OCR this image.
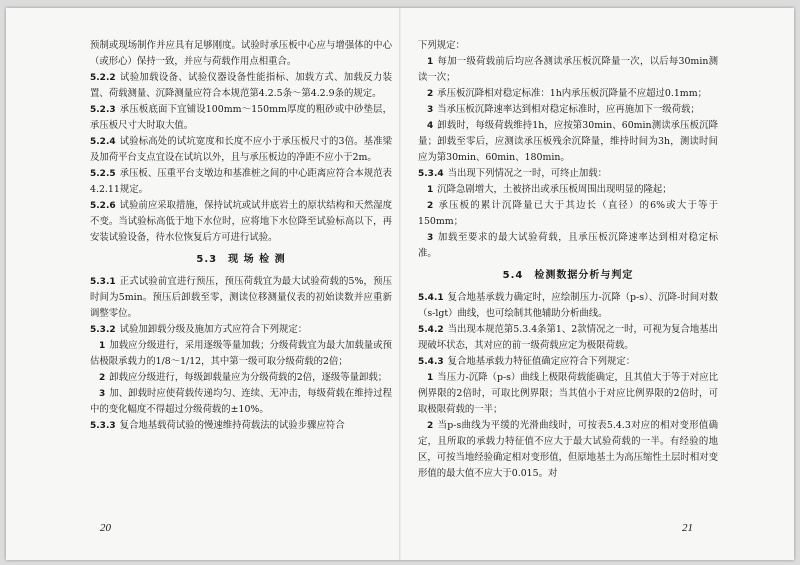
预制或现场制作并应具有足够刚度。试验时承压板中心应与增强体的中心（或形心）保持一致，并应与荷载作用点相重合。

5.2.2 试验加载设备、试验仪器设备性能指标、加载方式、加载反力装置、荷载测量、沉降测量应符合本规范第4.2.5条～第4.2.9条的规定。

5.2.3 承压板底面下宜铺设100mm～150mm厚度的粗砂或中砂垫层，承压板尺寸大时取大值。

5.2.4 试验标高处的试坑宽度和长度不应小于承压板尺寸的3倍。基准梁及加荷平台支点宜设在试坑以外，且与承压板边的净距不应小于2m。

5.2.5 承压板、压重平台支墩边和基准桩之间的中心距离应符合本规范表4.2.11规定。

5.2.6 试验前应采取措施，保持试坑或试井底岩土的原状结构和天然湿度不变。当试验标高低于地下水位时，应将地下水位降至试验标高以下，再安装试验设备，待水位恢复后方可进行试验。

5.3　现 场 检 测

5.3.1 正式试验前宜进行预压，预压荷载宜为最大试验荷载的5%，预压时间为5min。预压后卸载至零，测读位移测量仪表的初始读数并应重新调整零位。

5.3.2 试验加卸载分级及施加方式应符合下列规定：

1 加载应分级进行，采用逐级等量加载；分级荷载宜为最大加载量或预估极限承载力的1/8～1/12，其中第一级可取分级荷载的2倍；

2 卸载应分级进行，每级卸载量应为分级荷载的2倍，逐级等量卸载；

3 加、卸载时应使荷载传递均匀、连续、无冲击，每级荷载在维持过程中的变化幅度不得超过分级荷载的±10%。

5.3.3 复合地基载荷试验的慢速维持荷载法的试验步骤应符合

下列规定：

1 每加一级荷载前后均应各测读承压板沉降量一次，以后每30min测读一次；

2 承压板沉降相对稳定标准：1h内承压板沉降量不应超过0.1mm；

3 当承压板沉降速率达到相对稳定标准时，应再施加下一级荷载；

4 卸载时，每级荷载维持1h，应按第30min、60min测读承压板沉降量；卸载至零后，应测读承压板残余沉降量，维持时间为3h，测读时间应为第30min、60min、180min。

5.3.4 当出现下列情况之一时，可终止加载：

1 沉降急剧增大，土被挤出或承压板周围出现明显的隆起；

2 承压板的累计沉降量已大于其边长（直径）的6%或大于等于150mm；

3 加载至要求的最大试验荷载，且承压板沉降速率达到相对稳定标准。

5.4　检测数据分析与判定

5.4.1 复合地基承载力确定时，应绘制压力-沉降（p-s）、沉降-时间对数（s-lgt）曲线，也可绘制其他辅助分析曲线。

5.4.2 当出现本规范第5.3.4条第1、2款情况之一时，可视为复合地基出现破坏状态，其对应的前一级荷载应定为极限荷载。

5.4.3 复合地基承载力特征值确定应符合下列规定：

1 当压力-沉降（p-s）曲线上极限荷载能确定，且其值大于等于对应比例界限的2倍时，可取比例界限；当其值小于对应比例界限的2倍时，可取极限荷载的一半；

2 当p-s曲线为平缓的光滑曲线时，可按表5.4.3对应的相对变形值确定，且所取的承载力特征值不应大于最大试验荷载的一半。有经验的地区，可按当地经验确定相对变形值，但原地基土为高压缩性土层时相对变形值的最大值不应大于0.015。对

20	21
